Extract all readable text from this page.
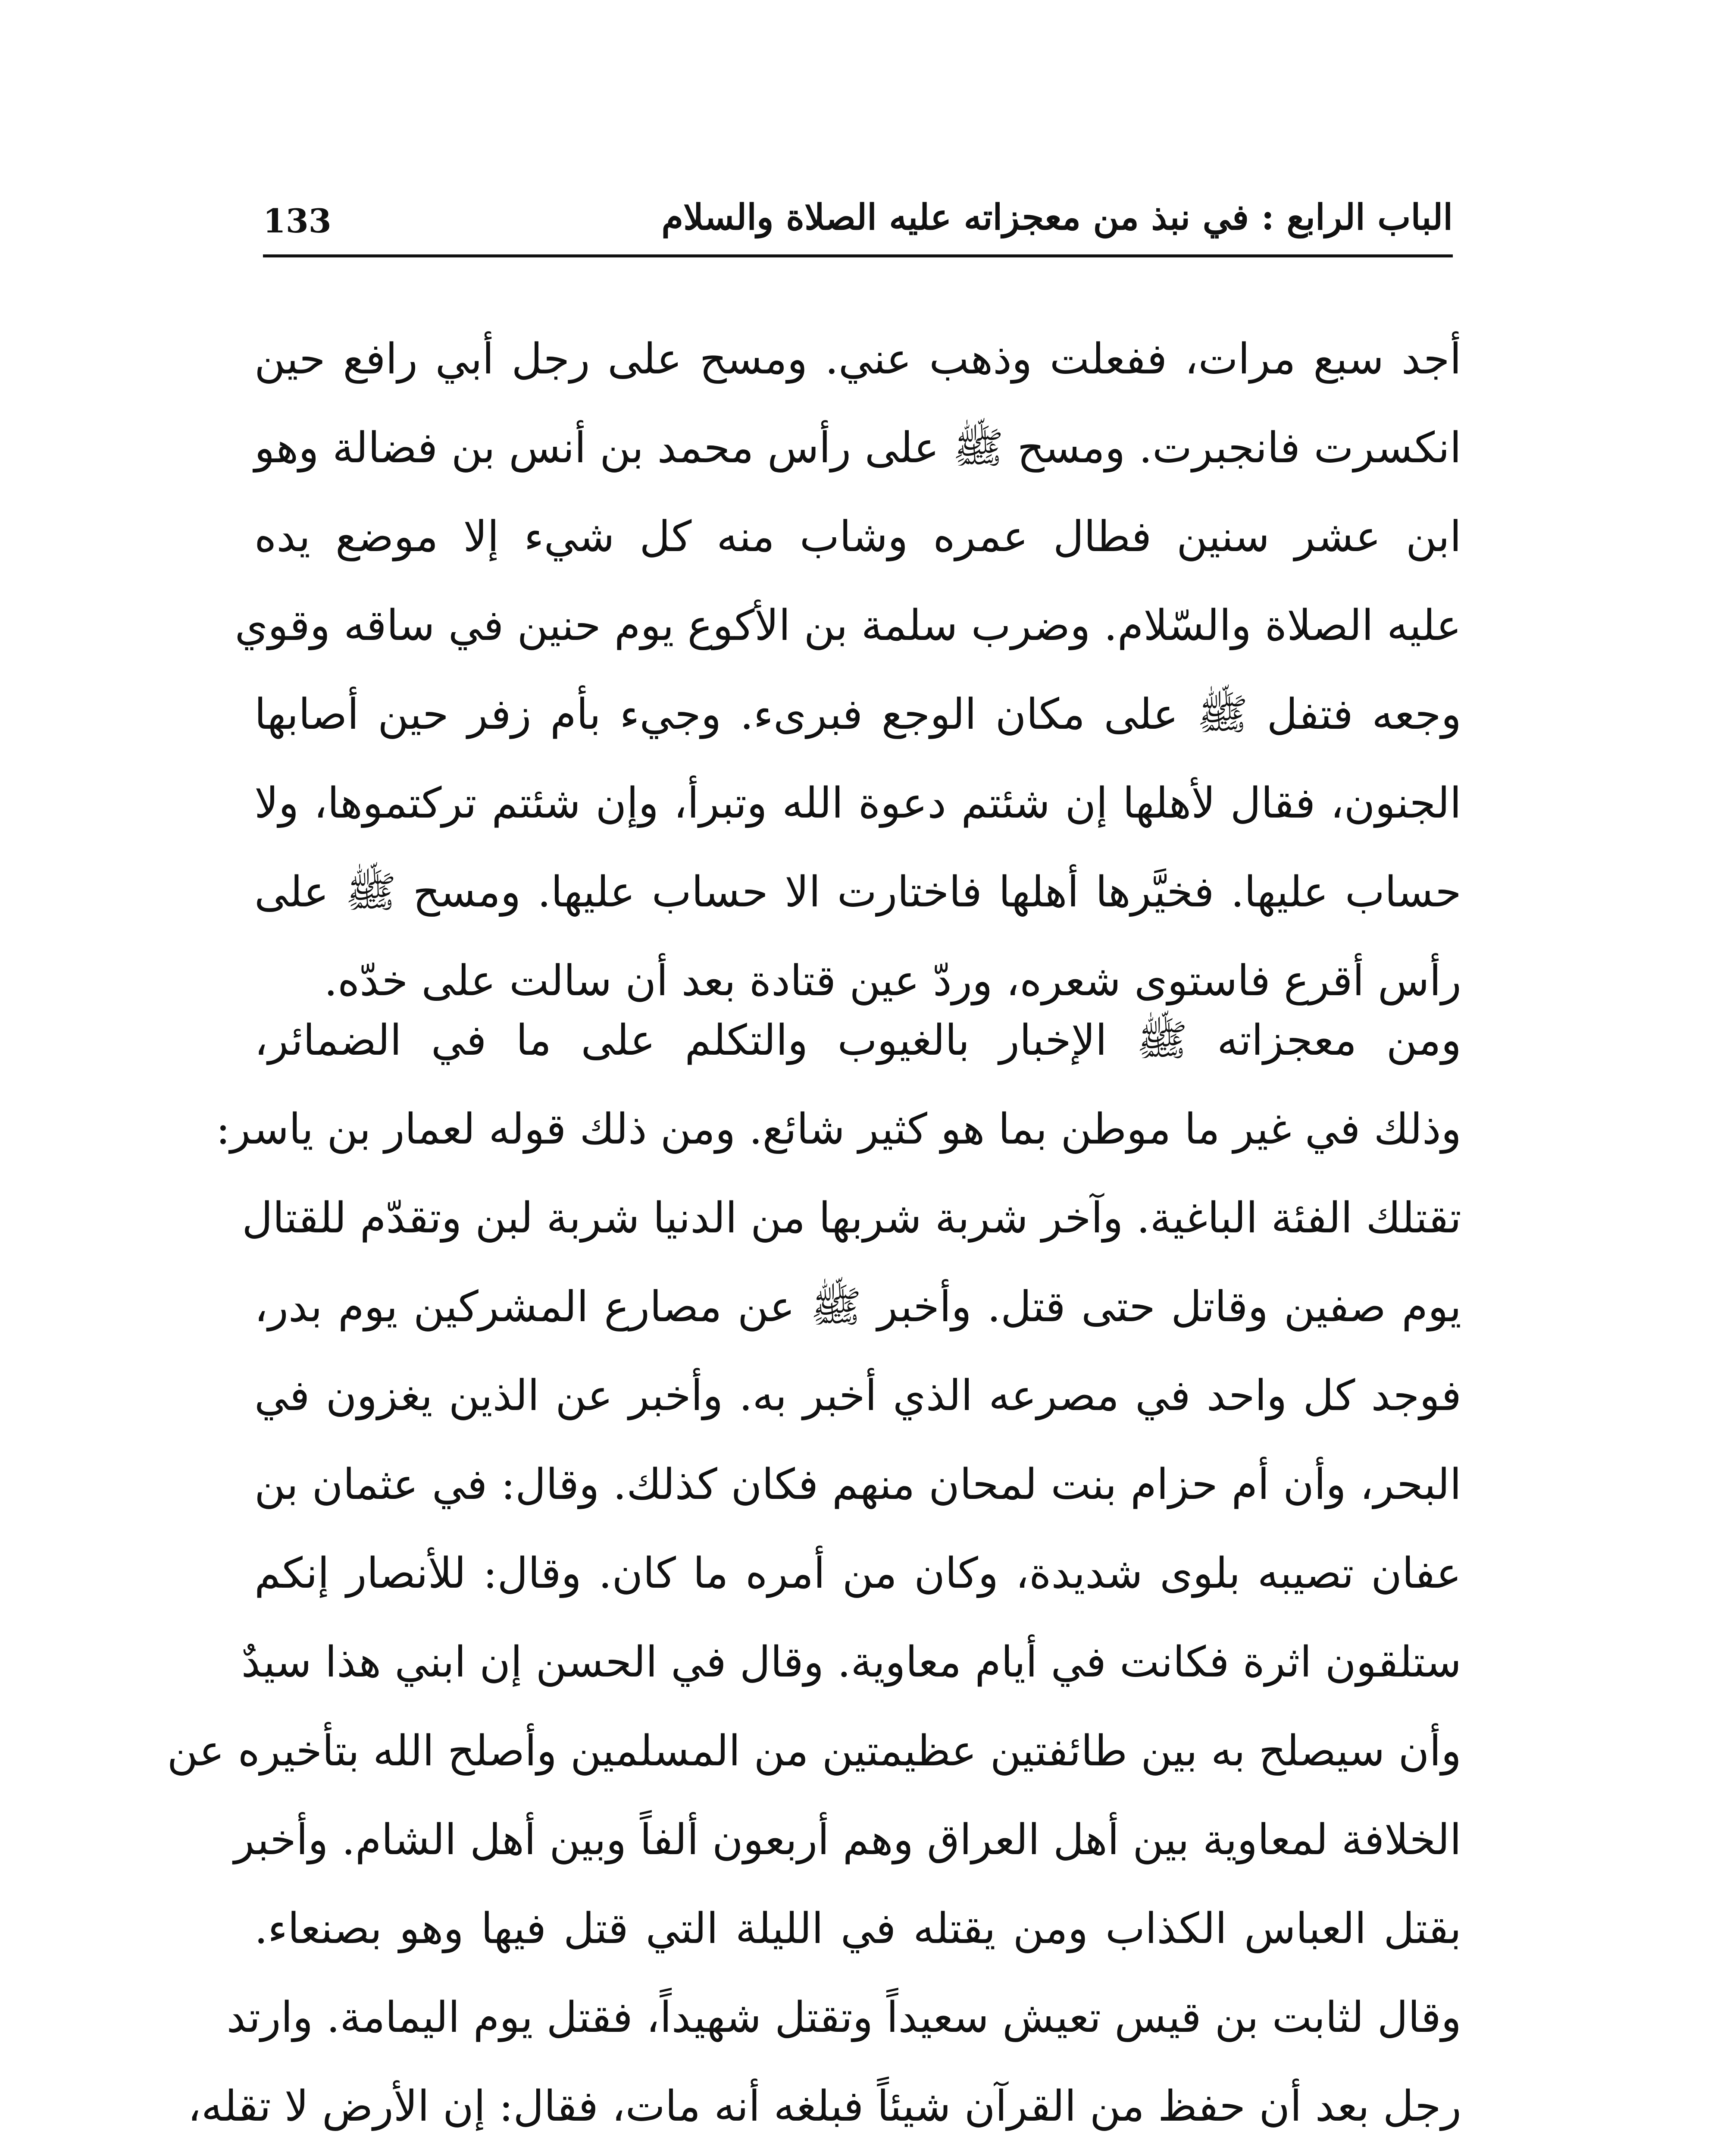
133	الباب الرابع : في نبذ من معجزاته عليه الصلاة والسلام
أجد سبع مرات، ففعلت وذهب عني. ومسح على رجل أبي رافع حين
انكسرت فانجبرت. ومسح ﷺ على رأس محمد بن أنس بن فضالة وهو
ابن عشر سنين فطال عمره وشاب منه كل شيء إلا موضع يده
عليه الصلاة والسّلام. وضرب سلمة بن الأكوع يوم حنين في ساقه وقوي
وجعه فتفل ﷺ على مكان الوجع فبرىء. وجيء بأم زفر حين أصابها
الجنون، فقال لأهلها إن شئتم دعوة الله وتبرأ، وإن شئتم تركتموها، ولا
حساب عليها. فخيَّرها أهلها فاختارت الا حساب عليها. ومسح ﷺ على
رأس أقرع فاستوى شعره، وردّ عين قتادة بعد أن سالت على خدّه.
ومن معجزاته ﷺ الإخبار بالغيوب والتكلم على ما في الضمائر،
وذلك في غير ما موطن بما هو كثير شائع. ومن ذلك قوله لعمار بن ياسر:
تقتلك الفئة الباغية. وآخر شربة شربها من الدنيا شربة لبن وتقدّم للقتال
يوم صفين وقاتل حتى قتل. وأخبر ﷺ عن مصارع المشركين يوم بدر،
فوجد كل واحد في مصرعه الذي أخبر به. وأخبر عن الذين يغزون في
البحر، وأن أم حزام بنت لمحان منهم فكان كذلك. وقال: في عثمان بن
عفان تصيبه بلوى شديدة، وكان من أمره ما كان. وقال: للأنصار إنكم
ستلقون اثرة فكانت في أيام معاوية. وقال في الحسن إن ابني هذا سيدٌ
وأن سيصلح به بين طائفتين عظيمتين من المسلمين وأصلح الله بتأخيره عن
الخلافة لمعاوية بين أهل العراق وهم أربعون ألفاً وبين أهل الشام. وأخبر
بقتل العباس الكذاب ومن يقتله في الليلة التي قتل فيها وهو بصنعاء.
وقال لثابت بن قيس تعيش سعيداً وتقتل شهيداً، فقتل يوم اليمامة. وارتد
رجل بعد أن حفظ من القرآن شيئاً فبلغه أنه مات، فقال: إن الأرض لا تقله،
